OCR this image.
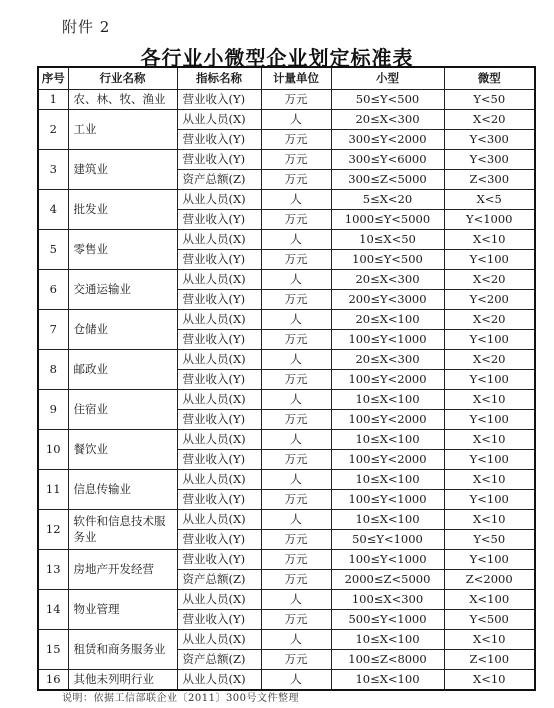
附件 2
各行业小微型企业划定标准表
序号	行业名称	指标名称	计量单位	小型	微型
1	农、林、牧、渔业	营业收入(Y)	万元	50≤Y<500	Y<50
2	工业	从业人员(X)	人	20≤X<300	X<20
		营业收入(Y)	万元	300≤Y<2000	Y<300
3	建筑业	营业收入(Y)	万元	300≤Y<6000	Y<300
		资产总额(Z)	万元	300≤Z<5000	Z<300
4	批发业	从业人员(X)	人	5≤X<20	X<5
		营业收入(Y)	万元	1000≤Y<5000	Y<1000
5	零售业	从业人员(X)	人	10≤X<50	X<10
		营业收入(Y)	万元	100≤Y<500	Y<100
6	交通运输业	从业人员(X)	人	20≤X<300	X<20
		营业收入(Y)	万元	200≤Y<3000	Y<200
7	仓储业	从业人员(X)	人	20≤X<100	X<20
		营业收入(Y)	万元	100≤Y<1000	Y<100
8	邮政业	从业人员(X)	人	20≤X<300	X<20
		营业收入(Y)	万元	100≤Y<2000	Y<100
9	住宿业	从业人员(X)	人	10≤X<100	X<10
		营业收入(Y)	万元	100≤Y<2000	Y<100
10	餐饮业	从业人员(X)	人	10≤X<100	X<10
		营业收入(Y)	万元	100≤Y<2000	Y<100
11	信息传输业	从业人员(X)	人	10≤X<100	X<10
		营业收入(Y)	万元	100≤Y<1000	Y<100
12	软件和信息技术服务业	从业人员(X)	人	10≤X<100	X<10
		营业收入(Y)	万元	50≤Y<1000	Y<50
13	房地产开发经营	营业收入(Y)	万元	100≤Y<1000	Y<100
		资产总额(Z)	万元	2000≤Z<5000	Z<2000
14	物业管理	从业人员(X)	人	100≤X<300	X<100
		营业收入(Y)	万元	500≤Y<1000	Y<500
15	租赁和商务服务业	从业人员(X)	人	10≤X<100	X<10
		资产总额(Z)	万元	100≤Z<8000	Z<100
16	其他未列明行业	从业人员(X)	人	10≤X<100	X<10
说明：依据工信部联企业〔2011〕300号文件整理
